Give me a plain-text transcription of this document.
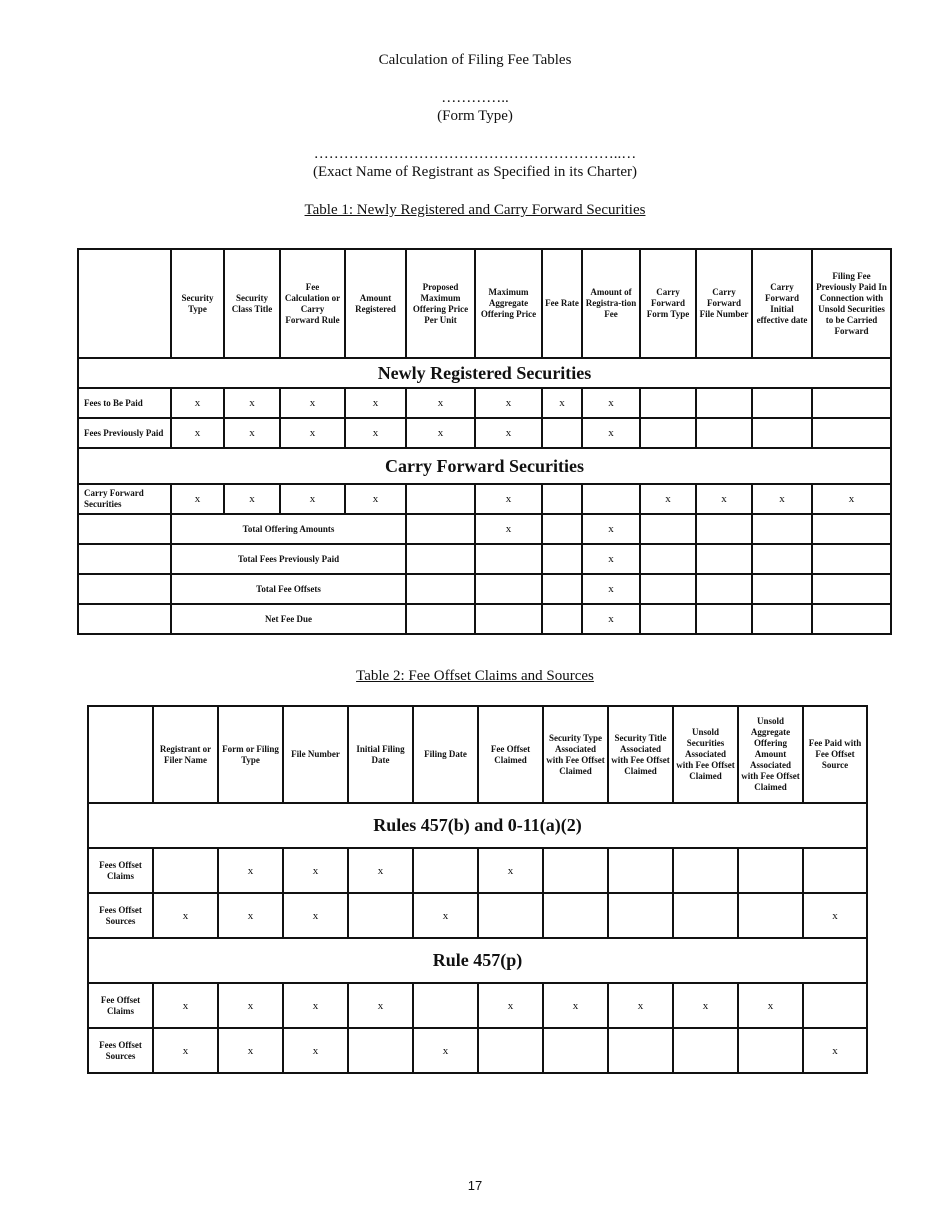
Calculation of Filing Fee Tables
…………..
(Form Type)
……………………………………………………..…
(Exact Name of Registrant as Specified in its Charter)
Table 1: Newly Registered and Carry Forward Securities
	Security Type	Security Class Title	Fee Calculation or Carry Forward Rule	Amount Registered	Proposed Maximum Offering Price Per Unit	Maximum Aggregate Offering Price	Fee Rate	Amount of Registra-tion Fee	Carry Forward Form Type	Carry Forward File Number	Carry Forward Initial effective date	Filing Fee Previously Paid In Connection with Unsold Securities to be Carried Forward
Newly Registered Securities												
Fees to Be Paid	x	x	x	x	x	x	x	x				
Fees Previously Paid	x	x	x	x	x	x		x				
Carry Forward Securities												
Carry Forward Securities	x	x	x	x		x			x	x	x	x
	Total Offering Amounts					x		x				
	Total Fees Previously Paid							x				
	Total Fee Offsets							x				
	Net Fee Due							x				
Table 2: Fee Offset Claims and Sources
	Registrant or Filer Name	Form or Filing Type	File Number	Initial Filing Date	Filing Date	Fee Offset Claimed	Security Type Associated with Fee Offset Claimed	Security Title Associated with Fee Offset Claimed	Unsold Securities Associated with Fee Offset Claimed	Unsold Aggregate Offering Amount Associated with Fee Offset Claimed	Fee Paid with Fee Offset Source
Rules 457(b) and 0-11(a)(2)											
Fees Offset Claims		x	x	x		x					
Fees Offset Sources	x	x	x		x						x
Rule 457(p)											
Fee Offset Claims	x	x	x	x		x	x	x	x	x	
Fees Offset Sources	x	x	x		x						x
17
